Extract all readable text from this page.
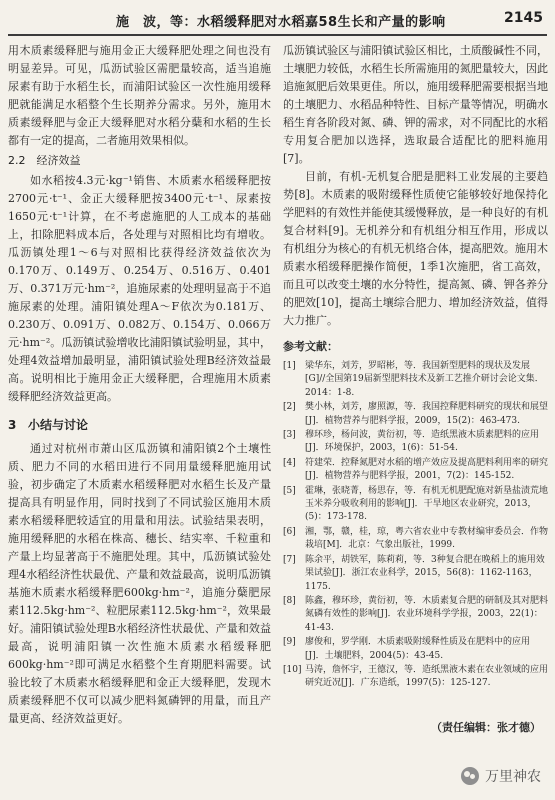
施　波，等：水稻缓释肥对水稻嘉58生长和产量的影响	2145

用木质素缓释肥与施用金正大缓释肥处理之间也没有明显差异。可见，瓜沥试验区需肥量较高，适当追施尿素有助于水稻生长，而浦阳试验区一次性施用缓释肥就能满足水稻整个生长期养分需求。另外，施用木质素缓释肥与金正大缓释肥对水稻分蘖和水稻的生长都有一定的提高，二者施用效果相似。

2.2　经济效益

如水稻按4.3元·kg⁻¹销售、木质素水稻缓释肥按2700元·t⁻¹、金正大缓释肥按3400元·t⁻¹、尿素按1650元·t⁻¹计算，在不考虑施肥的人工成本的基础上，扣除肥料成本后，各处理与对照相比均有增收。瓜沥镇处理1～6与对照相比获得经济效益依次为0.170万、0.149万、0.254万、0.516万、0.401万、0.371万元·hm⁻²，追施尿素的处理明显高于不追施尿素的处理。浦阳镇处理A～F依次为0.181万、0.230万、0.091万、0.082万、0.154万、0.066万元·hm⁻²。瓜沥镇试验增收比浦阳镇试验明显，其中，处理4效益增加最明显，浦阳镇试验处理B经济效益最高。说明相比于施用金正大缓释肥，合理施用木质素缓释肥经济效益更高。

3 小结与讨论

通过对杭州市萧山区瓜沥镇和浦阳镇2个土壤性质、肥力不同的水稻田进行不同用量缓释肥施用试验，初步确定了木质素水稻缓释肥对水稻生长及产量提高具有明显作用，同时找到了不同试验区施用木质素水稻缓释肥较适宜的用量和用法。试验结果表明，施用缓释肥的水稻在株高、穗长、结实率、千粒重和产量上均显著高于不施肥处理。其中，瓜沥镇试验处理4水稻经济性状最优、产量和效益最高，说明瓜沥镇基施木质素水稻缓释肥600kg·hm⁻²，追施分蘖肥尿素112.5kg·hm⁻²、粒肥尿素112.5kg·hm⁻²，效果最好。浦阳镇试验处理B水稻经济性状最优、产量和效益最高，说明浦阳镇一次性施木质素水稻缓释肥600kg·hm⁻²即可满足水稻整个生育期肥料需要。试验比较了木质素水稻缓释肥和金正大缓释肥，发现木质素缓释肥不仅可以减少肥料氮磷钾的用量，而且产量更高、经济效益更好。

瓜沥镇试验区与浦阳镇试验区相比，土质酸碱性不同，土壤肥力较低，水稻生长所需施用的氮肥量较大，因此追施氮肥后效果更佳。所以，施用缓释肥需要根据当地的土壤肥力、水稻品种特性、目标产量等情况，明确水稻生育各阶段对氮、磷、钾的需求，对不同配比的水稻专用复合肥加以选择，选取最合适配比的肥料施用[7]。

目前，有机-无机复合肥是肥料工业发展的主要趋势[8]。木质素的吸附缓释性质使它能够较好地保持化学肥料的有效性并能使其缓慢释放，是一种良好的有机复合材料[9]。无机养分和有机组分相互作用，形成以有机组分为核心的有机无机络合体，提高肥效。施用木质素水稻缓释肥操作简便，1季1次施肥，省工高效，而且可以改变土壤的水分特性，提高氮、磷、钾各养分的肥效[10]，提高土壤综合肥力、增加经济效益，值得大力推广。

参考文献：
[1]	梁华东，刘芳，罗昭彬，等．我国新型肥料的现状及发展[G]//全国第19届新型肥料技术及新工艺推介研讨会论文集．2014：1-8.
[2]	樊小林，刘芳，廖照源，等．我国控释肥料研究的现状和展望[J]．植物营养与肥料学报，2009，15(2)：463-473.
[3]	穆环珍，杨问波，黄衍初，等．造纸黑液木质素肥料的应用[J]．环境保护，2003，1(6)：51-54.
[4]	符建荣．控释氮肥对水稻的增产效应及提高肥料利用率的研究[J]．植物营养与肥料学报，2001，7(2)：145-152.
[5]	霍琳，张晓菁，杨思存，等．有机无机肥配施对新垦盐渍荒地玉米养分吸收利用的影响[J]．干旱地区农业研究，2013，(5)：173-178.
[6]	湘，鄂，赣，桂，琼，粤六省农业中专教材编审委员会．作物栽培[M]．北京：气象出版社，1999.
[7]	陈余平，胡铁军，陈莉莉，等．3种复合肥在晚稻上的施用效果试验[J]．浙江农业科学，2015，56(8)：1162-1163，1175.
[8]	陈鑫，穆环珍，黄衍初，等．木质素复合肥的研制及其对肥料氮磷有效性的影响[J]．农业环境科学学报，2003，22(1)：41-43.
[9]	廖俊和，罗学刚．木质素吸附缓释性质及在肥料中的应用[J]．土壤肥料，2004(5)：43-45.
[10] 马涛，詹怀宇，王德汉，等．造纸黑液木素在农业领域的应用研究近况[J]．广东造纸，1997(5)：125-127.
（责任编辑：张才德）
万里神农
